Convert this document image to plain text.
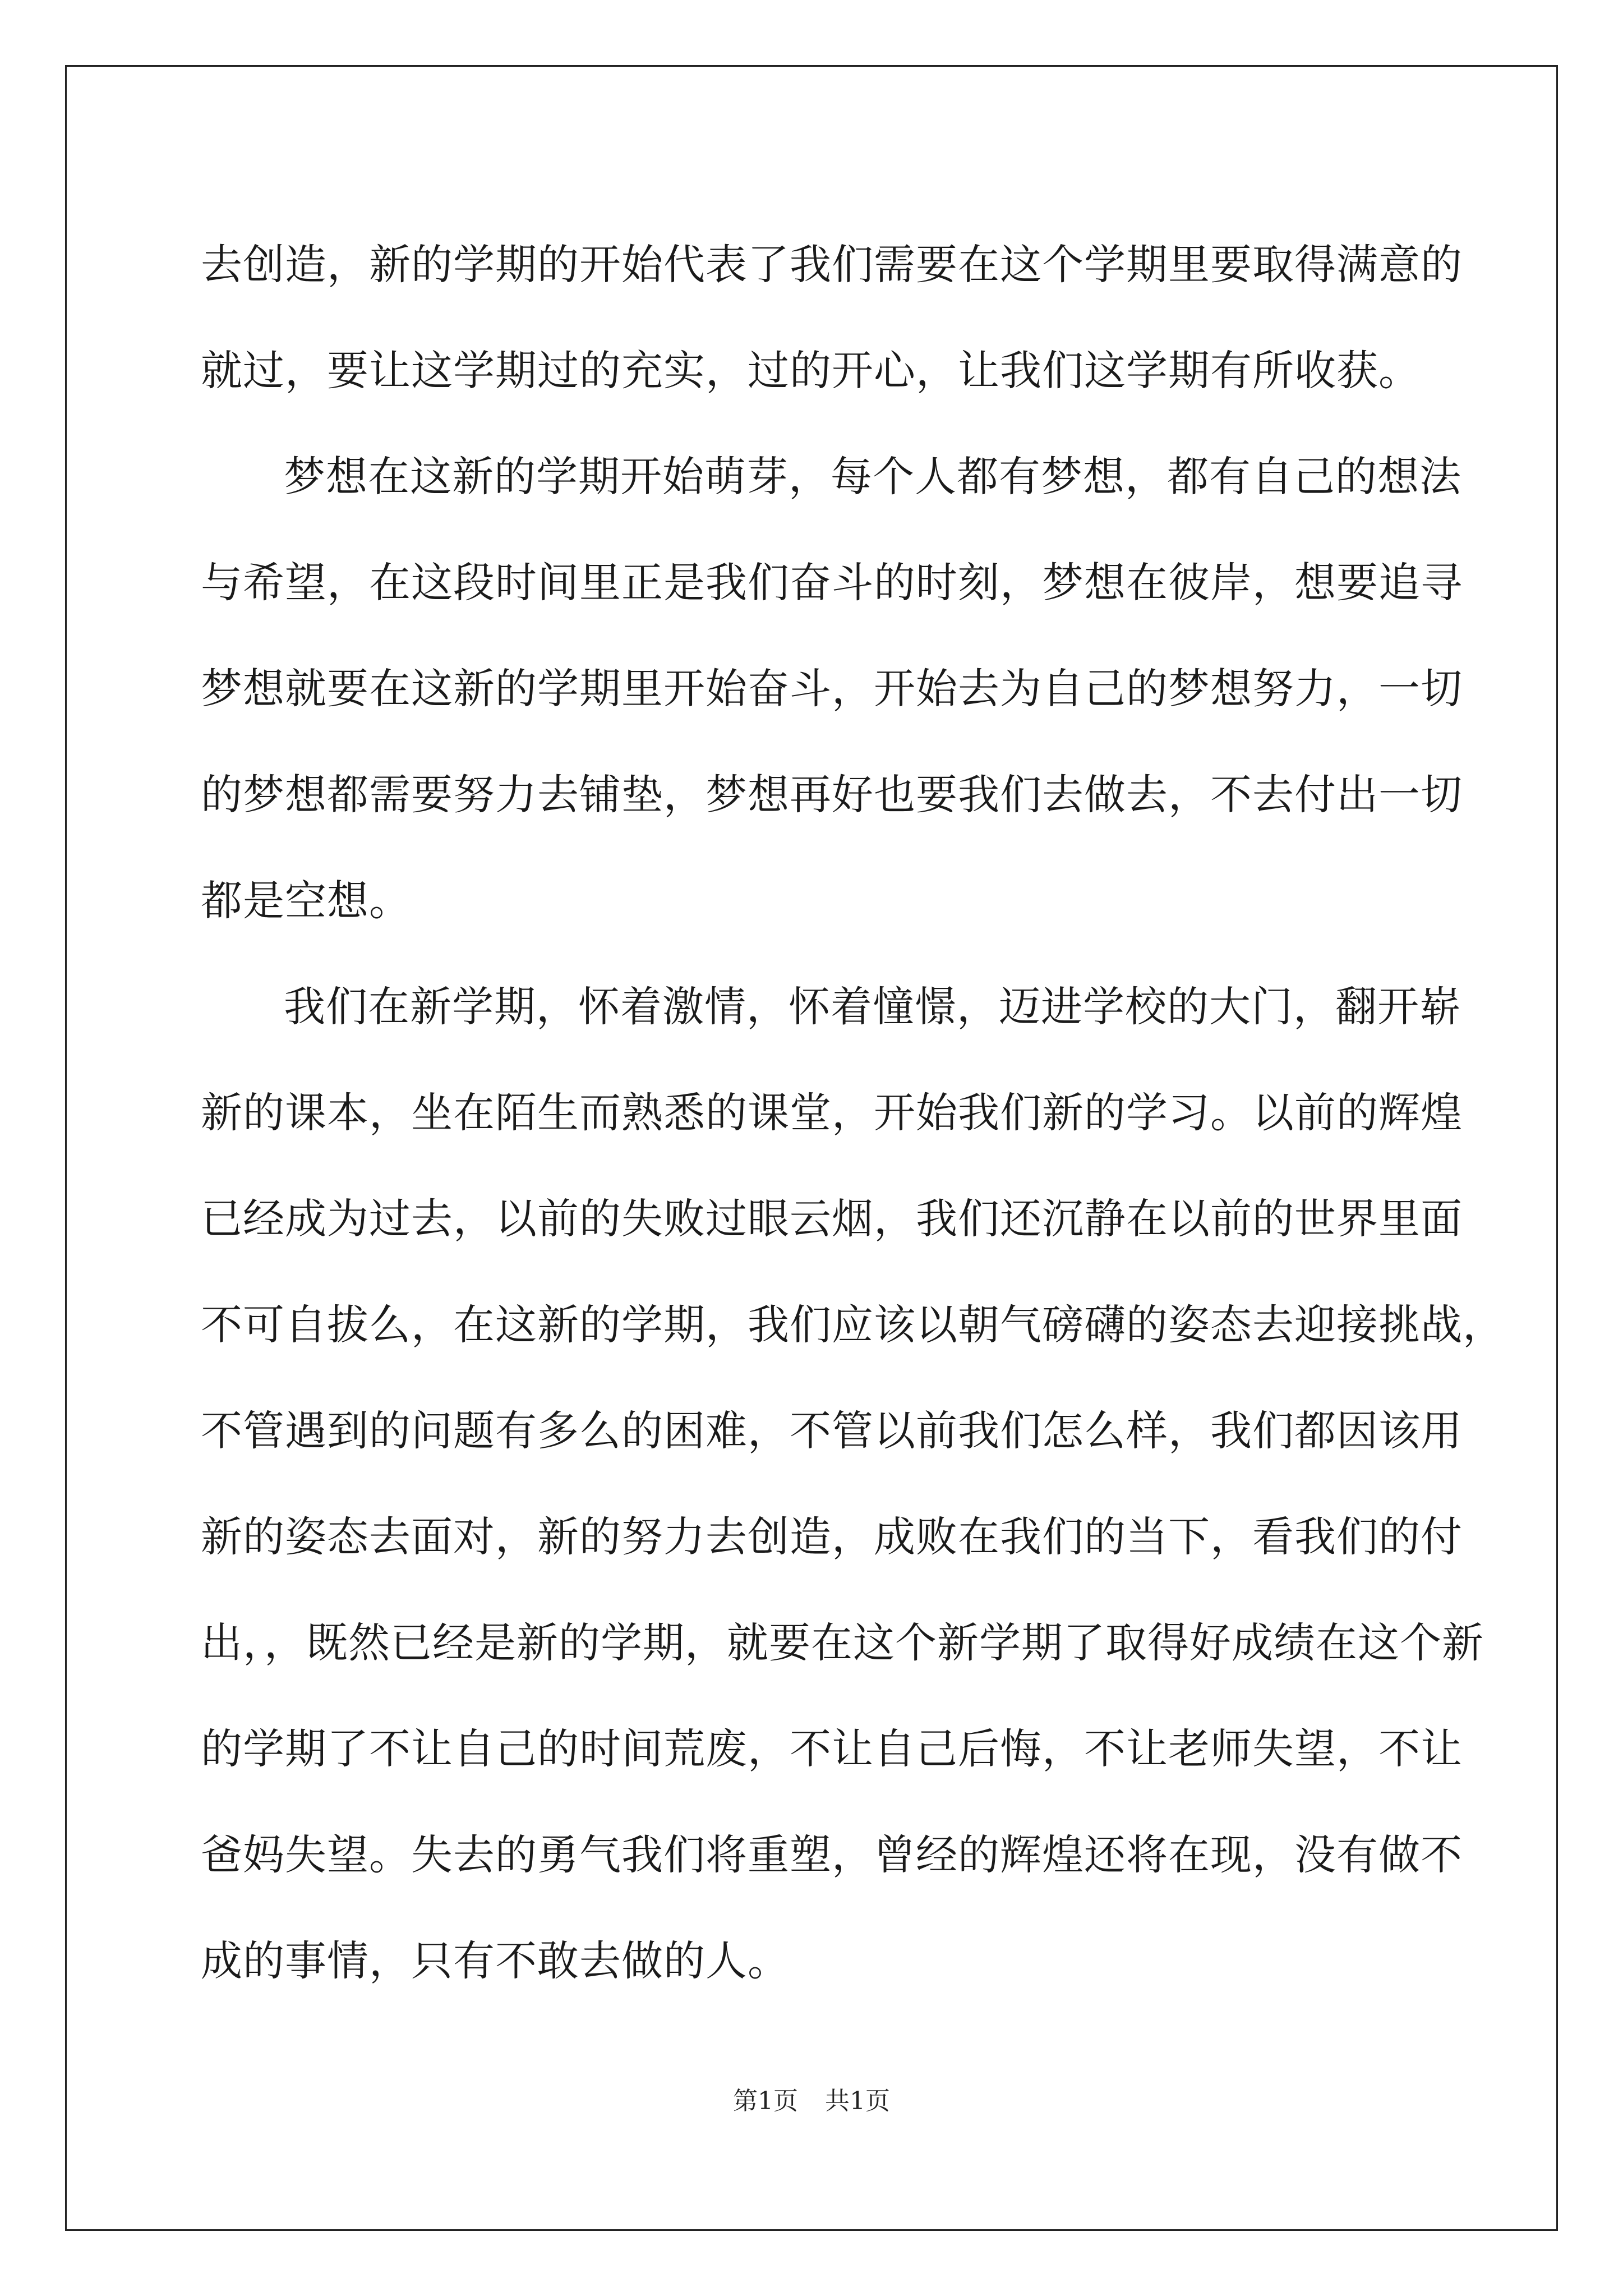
去创造，新的学期的开始代表了我们需要在这个学期里要取得满意的
就过，要让这学期过的充实，过的开心，让我们这学期有所收获。
梦想在这新的学期开始萌芽，每个人都有梦想，都有自己的想法
与希望，在这段时间里正是我们奋斗的时刻，梦想在彼岸，想要追寻
梦想就要在这新的学期里开始奋斗，开始去为自己的梦想努力，一切
的梦想都需要努力去铺垫，梦想再好也要我们去做去，不去付出一切
都是空想。
我们在新学期，怀着激情，怀着憧憬，迈进学校的大门，翻开崭
新的课本，坐在陌生而熟悉的课堂，开始我们新的学习。以前的辉煌
已经成为过去，以前的失败过眼云烟，我们还沉静在以前的世界里面
不可自拔么，在这新的学期，我们应该以朝气磅礴的姿态去迎接挑战，
不管遇到的问题有多么的困难，不管以前我们怎么样，我们都因该用
新的姿态去面对，新的努力去创造，成败在我们的当下，看我们的付
出，，既然已经是新的学期，就要在这个新学期了取得好成绩在这个新
的学期了不让自己的时间荒废，不让自己后悔，不让老师失望，不让
爸妈失望。失去的勇气我们将重塑，曾经的辉煌还将在现，没有做不
成的事情，只有不敢去做的人。
第1页 共1页
